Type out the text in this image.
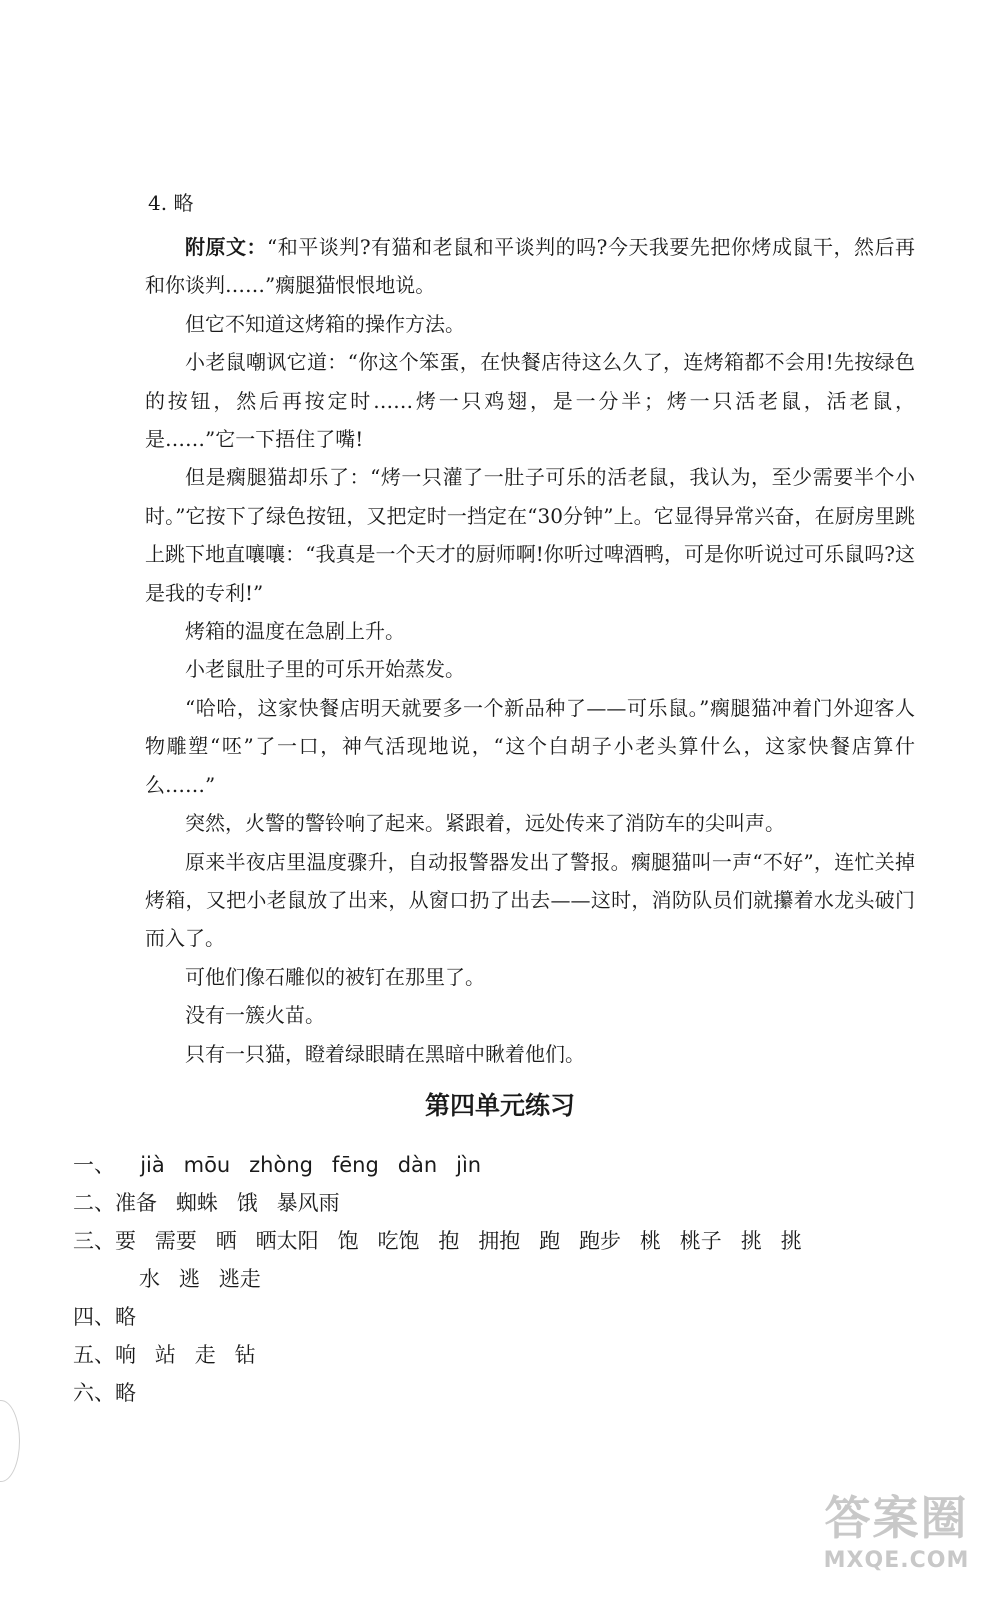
4. 略

附原文：“和平谈判?有猫和老鼠和平谈判的吗?今天我要先把你烤成鼠干，然后再和你谈判……”瘸腿猫恨恨地说。

但它不知道这烤箱的操作方法。

小老鼠嘲讽它道：“你这个笨蛋，在快餐店待这么久了，连烤箱都不会用!先按绿色的按钮，然后再按定时……烤一只鸡翅，是一分半；烤一只活老鼠，活老鼠，是……”它一下捂住了嘴!

但是瘸腿猫却乐了：“烤一只灌了一肚子可乐的活老鼠，我认为，至少需要半个小时。”它按下了绿色按钮，又把定时一挡定在“30分钟”上。它显得异常兴奋，在厨房里跳上跳下地直嚷嚷：“我真是一个天才的厨师啊!你听过啤酒鸭，可是你听说过可乐鼠吗?这是我的专利!”

烤箱的温度在急剧上升。

小老鼠肚子里的可乐开始蒸发。

“哈哈，这家快餐店明天就要多一个新品种了——可乐鼠。”瘸腿猫冲着门外迎客人物雕塑“呸”了一口，神气活现地说，“这个白胡子小老头算什么，这家快餐店算什么……”

突然，火警的警铃响了起来。紧跟着，远处传来了消防车的尖叫声。

原来半夜店里温度骤升，自动报警器发出了警报。瘸腿猫叫一声“不好”，连忙关掉烤箱，又把小老鼠放了出来，从窗口扔了出去——这时，消防队员们就攥着水龙头破门而入了。

可他们像石雕似的被钉在那里了。

没有一簇火苗。

只有一只猫，瞪着绿眼睛在黑暗中瞅着他们。

第四单元练习
一、 jià mōu zhòng fēng dàn jìn
二、 准备 蜘蛛 饿 暴风雨
三、 要 需要 晒 晒太阳 饱 吃饱 抱 拥抱 跑 跑步 桃 桃子 挑 挑
水 逃 逃走
四、 略
五、 响 站 走 钻
六、 略
答案圈
MXQE.COM
